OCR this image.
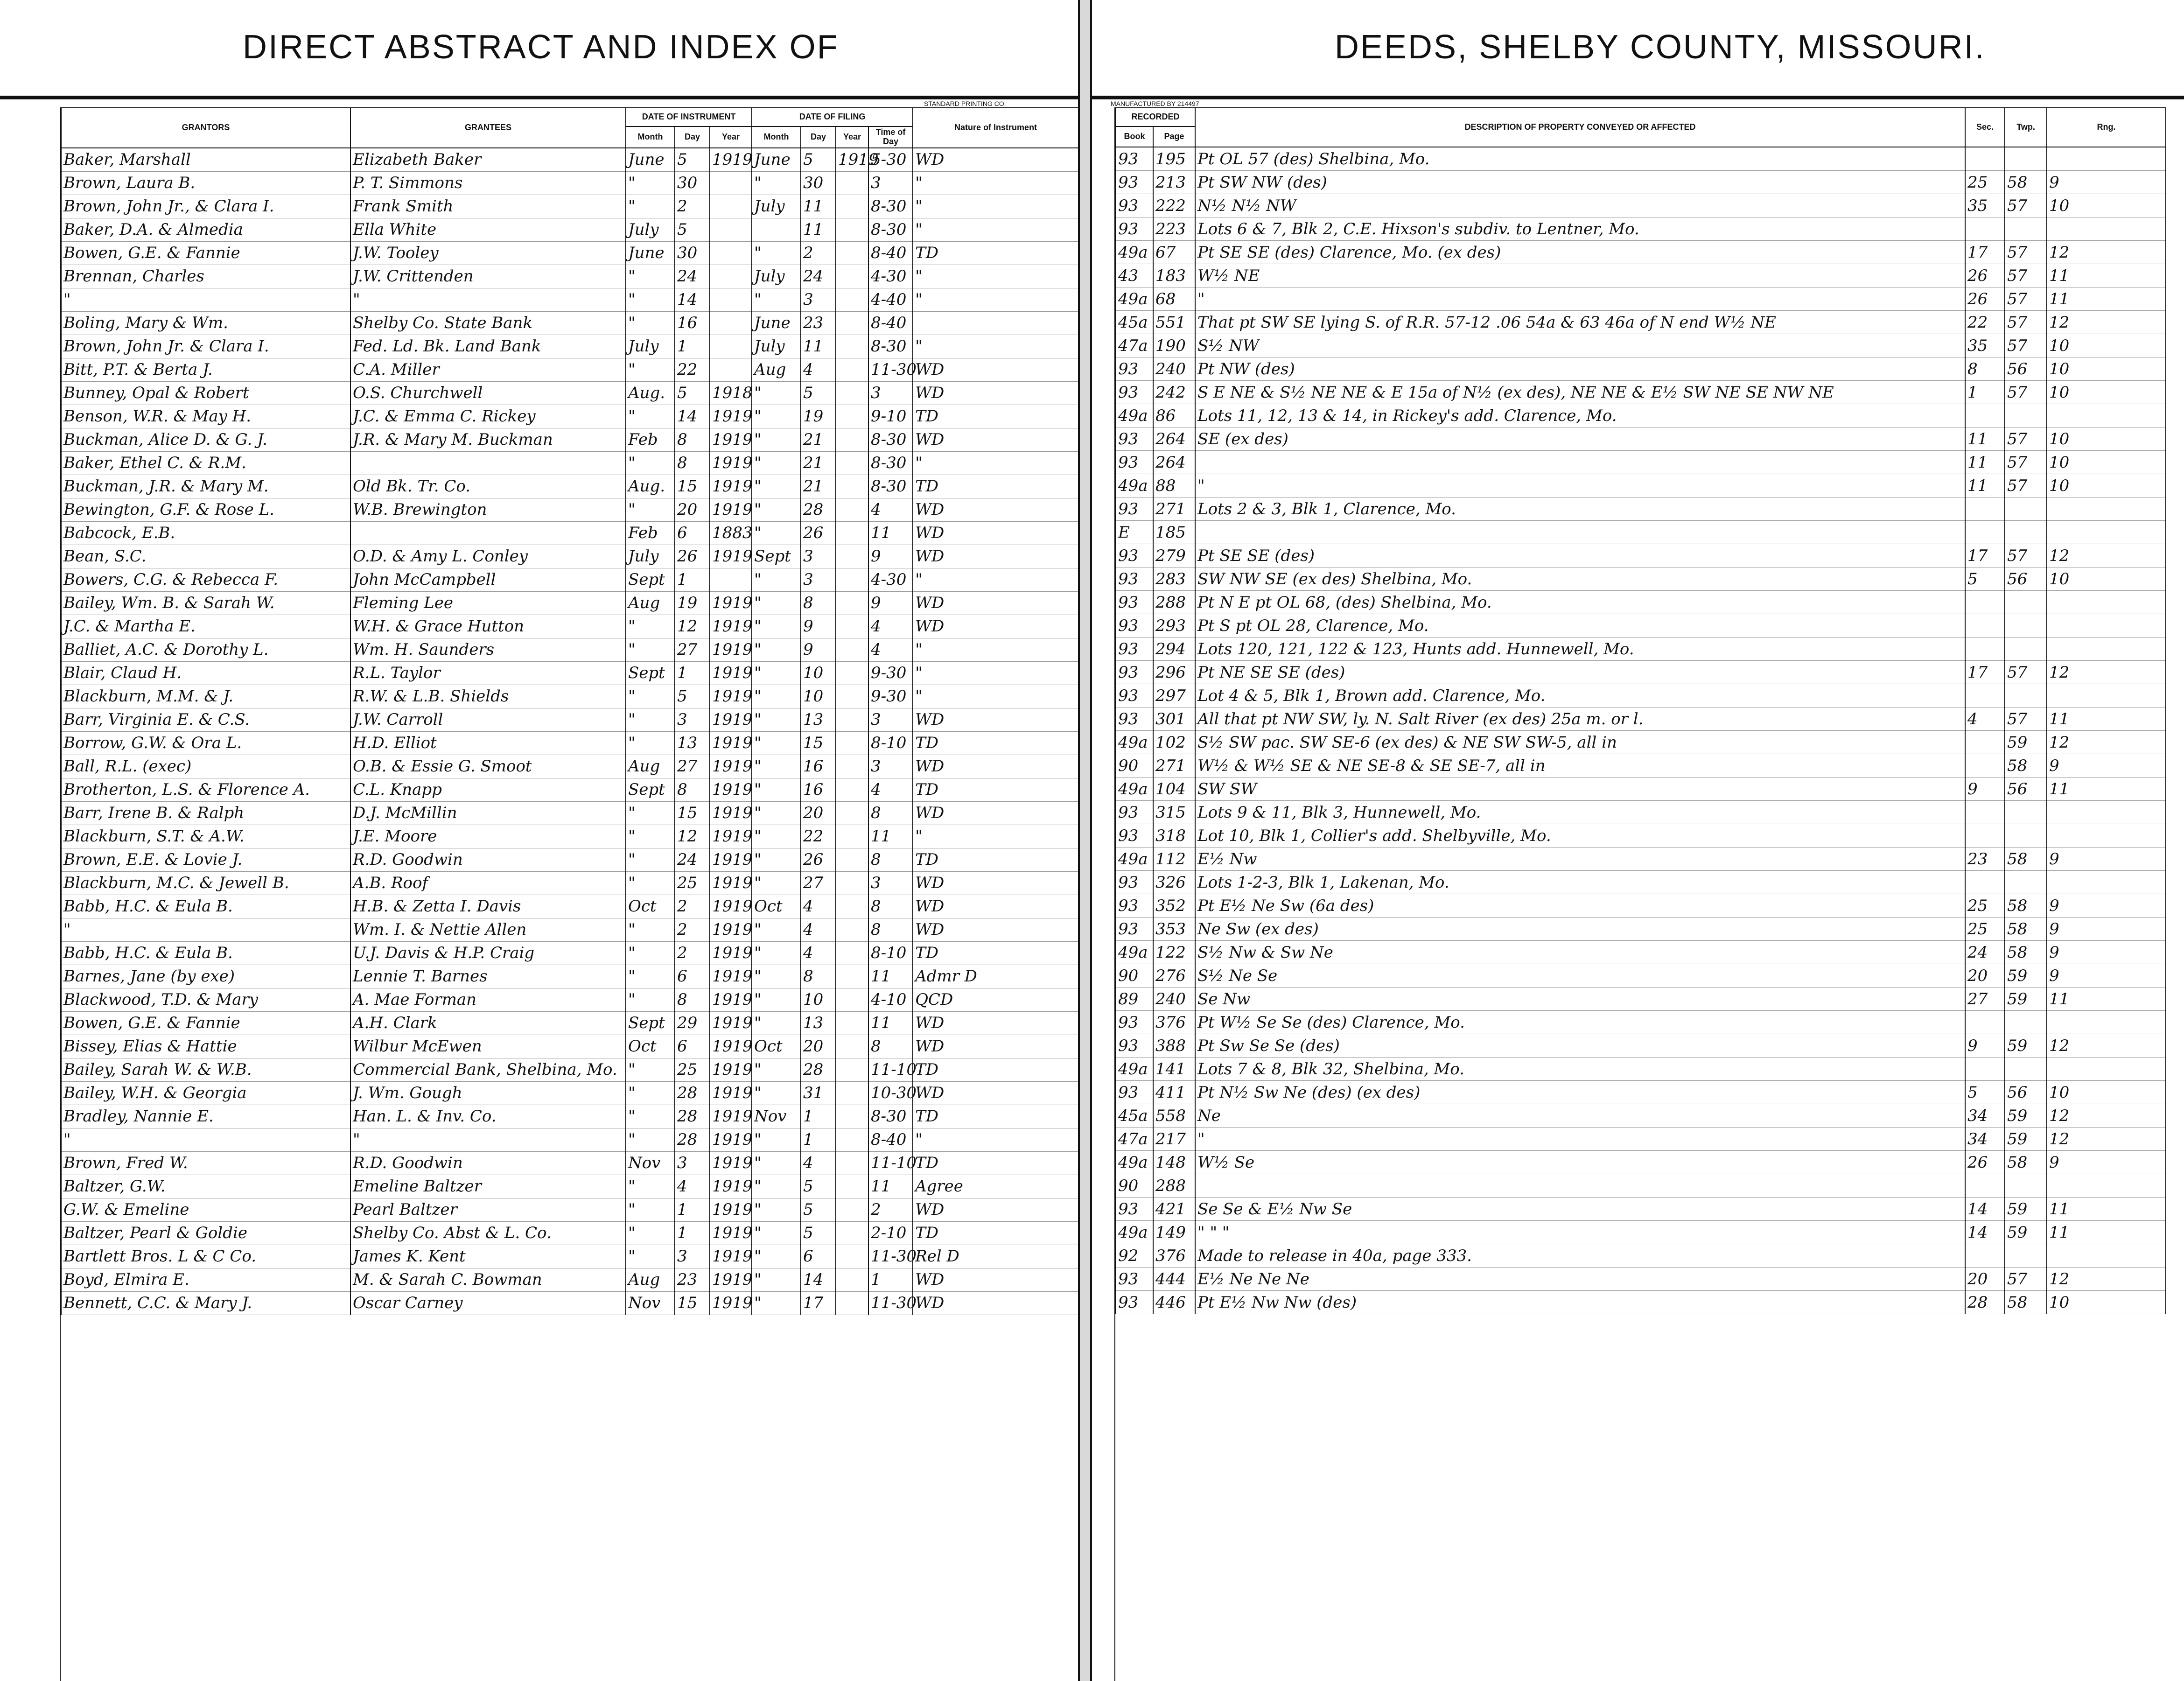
DIRECT ABSTRACT AND INDEX OF
STANDARD PRINTING CO.
DEEDS, SHELBY COUNTY, MISSOURI.
MANUFACTURED BY 214497
GRANTORS	GRANTEES	DATE OF INSTRUMENT			DATE OF FILING				Nature of Instrument
		Month	Day	Year	Month	Day	Year	Time of Day	
Baker, Marshall	Elizabeth Baker	June	5	1919	June	5	1919	5-30	WD
Brown, Laura B.	P. T. Simmons	"	30		"	30		3	"
Brown, John Jr., & Clara I.	Frank Smith	"	2		July	11		8-30	"
Baker, D.A. & Almedia	Ella White	July	5			11		8-30	"
Bowen, G.E. & Fannie	J.W. Tooley	June	30		"	2		8-40	TD
Brennan, Charles	J.W. Crittenden	"	24		July	24		4-30	"
"	"	"	14		"	3		4-40	"
Boling, Mary & Wm.	Shelby Co. State Bank	"	16		June	23		8-40	
Brown, John Jr. & Clara I.	Fed. Ld. Bk. Land Bank	July	1		July	11		8-30	"
Bitt, P.T. & Berta J.	C.A. Miller	"	22		Aug	4		11-30	WD
Bunney, Opal & Robert	O.S. Churchwell	Aug.	5	1918	"	5		3	WD
Benson, W.R. & May H.	J.C. & Emma C. Rickey	"	14	1919	"	19		9-10	TD
Buckman, Alice D. & G. J.	J.R. & Mary M. Buckman	Feb	8	1919	"	21		8-30	WD
Baker, Ethel C. & R.M.		"	8	1919	"	21		8-30	"
Buckman, J.R. & Mary M.	Old Bk. Tr. Co.	Aug.	15	1919	"	21		8-30	TD
Bewington, G.F. & Rose L.	W.B. Brewington	"	20	1919	"	28		4	WD
Babcock, E.B.		Feb	6	1883	"	26		11	WD
Bean, S.C.	O.D. & Amy L. Conley	July	26	1919	Sept	3		9	WD
Bowers, C.G. & Rebecca F.	John McCampbell	Sept	1		"	3		4-30	"
Bailey, Wm. B. & Sarah W.	Fleming Lee	Aug	19	1919	"	8		9	WD
J.C. & Martha E.	W.H. & Grace Hutton	"	12	1919	"	9		4	WD
Balliet, A.C. & Dorothy L.	Wm. H. Saunders	"	27	1919	"	9		4	"
Blair, Claud H.	R.L. Taylor	Sept	1	1919	"	10		9-30	"
Blackburn, M.M. & J.	R.W. & L.B. Shields	"	5	1919	"	10		9-30	"
Barr, Virginia E. & C.S.	J.W. Carroll	"	3	1919	"	13		3	WD
Borrow, G.W. & Ora L.	H.D. Elliot	"	13	1919	"	15		8-10	TD
Ball, R.L. (exec)	O.B. & Essie G. Smoot	Aug	27	1919	"	16		3	WD
Brotherton, L.S. & Florence A.	C.L. Knapp	Sept	8	1919	"	16		4	TD
Barr, Irene B. & Ralph	D.J. McMillin	"	15	1919	"	20		8	WD
Blackburn, S.T. & A.W.	J.E. Moore	"	12	1919	"	22		11	"
Brown, E.E. & Lovie J.	R.D. Goodwin	"	24	1919	"	26		8	TD
Blackburn, M.C. & Jewell B.	A.B. Roof	"	25	1919	"	27		3	WD
Babb, H.C. & Eula B.	H.B. & Zetta I. Davis	Oct	2	1919	Oct	4		8	WD
"	Wm. I. & Nettie Allen	"	2	1919	"	4		8	WD
Babb, H.C. & Eula B.	U.J. Davis & H.P. Craig	"	2	1919	"	4		8-10	TD
Barnes, Jane (by exe)	Lennie T. Barnes	"	6	1919	"	8		11	Admr D
Blackwood, T.D. & Mary	A. Mae Forman	"	8	1919	"	10		4-10	QCD
Bowen, G.E. & Fannie	A.H. Clark	Sept	29	1919	"	13		11	WD
Bissey, Elias & Hattie	Wilbur McEwen	Oct	6	1919	Oct	20		8	WD
Bailey, Sarah W. & W.B.	Commercial Bank, Shelbina, Mo.	"	25	1919	"	28		11-10	TD
Bailey, W.H. & Georgia	J. Wm. Gough	"	28	1919	"	31		10-30	WD
Bradley, Nannie E.	Han. L. & Inv. Co.	"	28	1919	Nov	1		8-30	TD
"	"	"	28	1919	"	1		8-40	"
Brown, Fred W.	R.D. Goodwin	Nov	3	1919	"	4		11-10	TD
Baltzer, G.W.	Emeline Baltzer	"	4	1919	"	5		11	Agree
G.W. & Emeline	Pearl Baltzer	"	1	1919	"	5		2	WD
Baltzer, Pearl & Goldie	Shelby Co. Abst & L. Co.	"	1	1919	"	5		2-10	TD
Bartlett Bros. L & C Co.	James K. Kent	"	3	1919	"	6		11-30	Rel D
Boyd, Elmira E.	M. & Sarah C. Bowman	Aug	23	1919	"	14		1	WD
Bennett, C.C. & Mary J.	Oscar Carney	Nov	15	1919	"	17		11-30	WD
RECORDED		DESCRIPTION OF PROPERTY CONVEYED OR AFFECTED	Sec.	Twp.	Rng.
Book	Page				
93	195	Pt OL 57 (des) Shelbina, Mo.			
93	213	Pt SW NW (des)	25	58	9
93	222	N½ N½ NW	35	57	10
93	223	Lots 6 & 7, Blk 2, C.E. Hixson's subdiv. to Lentner, Mo.			
49a	67	Pt SE SE (des) Clarence, Mo. (ex des)	17	57	12
43	183	W½ NE	26	57	11
49a	68	"	26	57	11
45a	551	That pt SW SE lying S. of R.R. 57-12 .06 54a & 63 46a of N end W½ NE	22	57	12
47a	190	S½ NW	35	57	10
93	240	Pt NW (des)	8	56	10
93	242	S E NE & S½ NE NE & E 15a of N½ (ex des), NE NE & E½ SW NE SE NW NE	1	57	10
49a	86	Lots 11, 12, 13 & 14, in Rickey's add. Clarence, Mo.			
93	264	SE (ex des)	11	57	10
93	264		11	57	10
49a	88	"	11	57	10
93	271	Lots 2 & 3, Blk 1, Clarence, Mo.			
E	185				
93	279	Pt SE SE (des)	17	57	12
93	283	SW NW SE (ex des) Shelbina, Mo.	5	56	10
93	288	Pt N E pt OL 68, (des) Shelbina, Mo.			
93	293	Pt S pt OL 28, Clarence, Mo.			
93	294	Lots 120, 121, 122 & 123, Hunts add. Hunnewell, Mo.			
93	296	Pt NE SE SE (des)	17	57	12
93	297	Lot 4 & 5, Blk 1, Brown add. Clarence, Mo.			
93	301	All that pt NW SW, ly. N. Salt River (ex des) 25a m. or l.	4	57	11
49a	102	S½ SW pac. SW SE-6 (ex des) & NE SW SW-5, all in		59	12
90	271	W½ & W½ SE & NE SE-8 & SE SE-7, all in		58	9
49a	104	SW SW	9	56	11
93	315	Lots 9 & 11, Blk 3, Hunnewell, Mo.			
93	318	Lot 10, Blk 1, Collier's add. Shelbyville, Mo.			
49a	112	E½ Nw	23	58	9
93	326	Lots 1-2-3, Blk 1, Lakenan, Mo.			
93	352	Pt E½ Ne Sw (6a des)	25	58	9
93	353	Ne Sw (ex des)	25	58	9
49a	122	S½ Nw & Sw Ne	24	58	9
90	276	S½ Ne Se	20	59	9
89	240	Se Nw	27	59	11
93	376	Pt W½ Se Se (des) Clarence, Mo.			
93	388	Pt Sw Se Se (des)	9	59	12
49a	141	Lots 7 & 8, Blk 32, Shelbina, Mo.			
93	411	Pt N½ Sw Ne (des) (ex des)	5	56	10
45a	558	Ne	34	59	12
47a	217	"	34	59	12
49a	148	W½ Se	26	58	9
90	288				
93	421	Se Se & E½ Nw Se	14	59	11
49a	149	" " "	14	59	11
92	376	Made to release in 40a, page 333.			
93	444	E½ Ne Ne Ne	20	57	12
93	446	Pt E½ Nw Nw (des)	28	58	10
